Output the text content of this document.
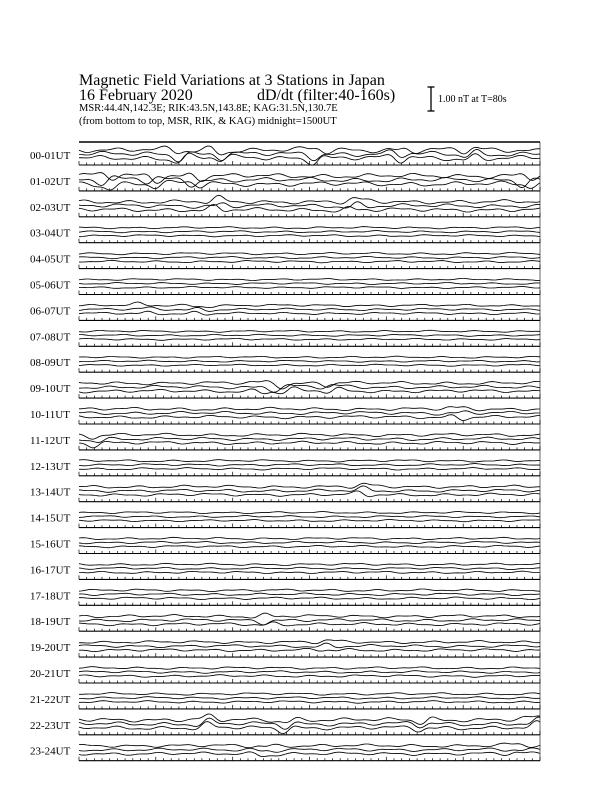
Magnetic Field Variations at 3 Stations in Japan
16 February 2020	dD/dt (filter:40-160s)
MSR:44.4N,142.3E; RIK:43.5N,143.8E; KAG:31.5N,130.7E
(from bottom to top, MSR, RIK, & KAG) midnight=1500UT
1.00 nT at T=80s
00-01UT
01-02UT
02-03UT
03-04UT
04-05UT
05-06UT
06-07UT
07-08UT
08-09UT
09-10UT
10-11UT
11-12UT
12-13UT
13-14UT
14-15UT
15-16UT
16-17UT
17-18UT
18-19UT
19-20UT
20-21UT
21-22UT
22-23UT
23-24UT
